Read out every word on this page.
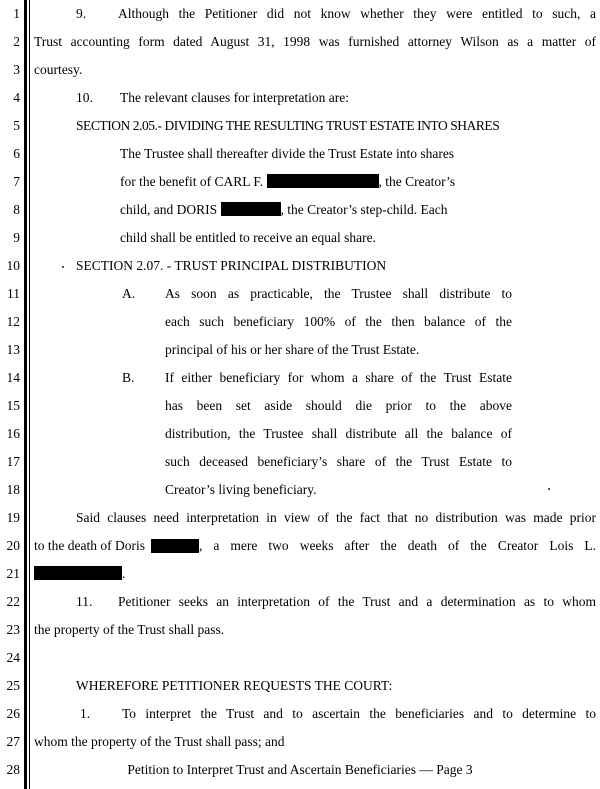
1
2
3
4
5
6
7
8
9
10
11
12
13
14
15
16
17
18
19
20
21
22
23
24
25
26
27
28
9. Although the Petitioner did not know whether they were entitled to such, a
Trust accounting form dated August 31, 1998 was furnished attorney Wilson as a matter of
courtesy.
10. The relevant clauses for interpretation are:
SECTION 2.05.- DIVIDING THE RESULTING TRUST ESTATE INTO SHARES
The Trustee shall thereafter divide the Trust Estate into shares
for the benefit of CARL F.	, the Creator’s
child, and DORIS	, the Creator’s step-child. Each
child shall be entitled to receive an equal share.
SECTION 2.07. - TRUST PRINCIPAL DISTRIBUTION
A. As soon as practicable, the Trustee shall distribute to
each such beneficiary 100% of the then balance of the
principal of his or her share of the Trust Estate.
B. If either beneficiary for whom a share of the Trust Estate
has been set aside should die prior to the above
distribution, the Trustee shall distribute all the balance of
such deceased beneficiary’s share of the Trust Estate to
Creator’s living beneficiary.
Said clauses need interpretation in view of the fact that no distribution was made prior
to the death of Doris	, a mere two weeks after the death of the Creator Lois L.
.
11. Petitioner seeks an interpretation of the Trust and a determination as to whom
the property of the Trust shall pass.
WHEREFORE PETITIONER REQUESTS THE COURT:
1. To interpret the Trust and to ascertain the beneficiaries and to determine to
whom the property of the Trust shall pass; and
Petition to Interpret Trust and Ascertain Beneficiaries — Page 3
